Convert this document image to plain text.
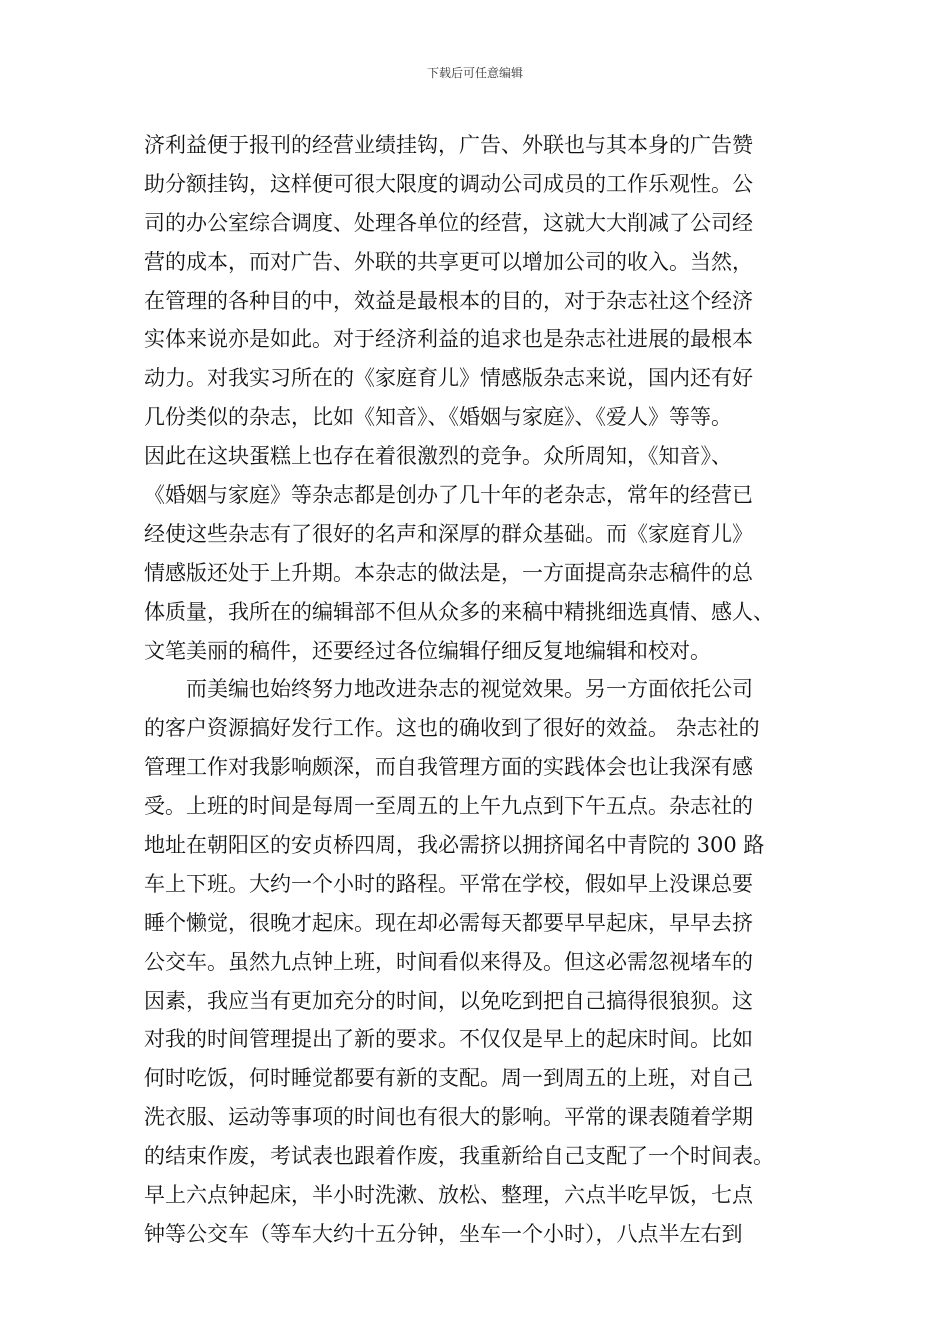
下载后可任意编辑
济利益便于报刊的经营业绩挂钩，广告、外联也与其本身的广告赞
助分额挂钩，这样便可很大限度的调动公司成员的工作乐观性。公
司的办公室综合调度、处理各单位的经营，这就大大削减了公司经
营的成本，而对广告、外联的共享更可以增加公司的收入。当然，
在管理的各种目的中，效益是最根本的目的，对于杂志社这个经济
实体来说亦是如此。对于经济利益的追求也是杂志社进展的最根本
动力。对我实习所在的《家庭育儿》情感版杂志来说，国内还有好
几份类似的杂志，比如《知音》、《婚姻与家庭》、《爱人》等等。
因此在这块蛋糕上也存在着很激烈的竞争。众所周知，《知音》、
《婚姻与家庭》等杂志都是创办了几十年的老杂志，常年的经营已
经使这些杂志有了很好的名声和深厚的群众基础。而《家庭育儿》
情感版还处于上升期。本杂志的做法是，一方面提高杂志稿件的总
体质量，我所在的编辑部不但从众多的来稿中精挑细选真情、感人、
文笔美丽的稿件，还要经过各位编辑仔细反复地编辑和校对。
　　而美编也始终努力地改进杂志的视觉效果。另一方面依托公司
的客户资源搞好发行工作。这也的确收到了很好的效益。 杂志社的
管理工作对我影响颇深，而自我管理方面的实践体会也让我深有感
受。上班的时间是每周一至周五的上午九点到下午五点。杂志社的
地址在朝阳区的安贞桥四周，我必需挤以拥挤闻名中青院的 300 路
车上下班。大约一个小时的路程。平常在学校，假如早上没课总要
睡个懒觉，很晚才起床。现在却必需每天都要早早起床，早早去挤
公交车。虽然九点钟上班，时间看似来得及。但这必需忽视堵车的
因素，我应当有更加充分的时间，以免吃到把自己搞得很狼狈。这
对我的时间管理提出了新的要求。不仅仅是早上的起床时间。比如
何时吃饭，何时睡觉都要有新的支配。周一到周五的上班，对自己
洗衣服、运动等事项的时间也有很大的影响。平常的课表随着学期
的结束作废，考试表也跟着作废，我重新给自己支配了一个时间表。
早上六点钟起床，半小时洗漱、放松、整理，六点半吃早饭，七点
钟等公交车（等车大约十五分钟，坐车一个小时），八点半左右到
